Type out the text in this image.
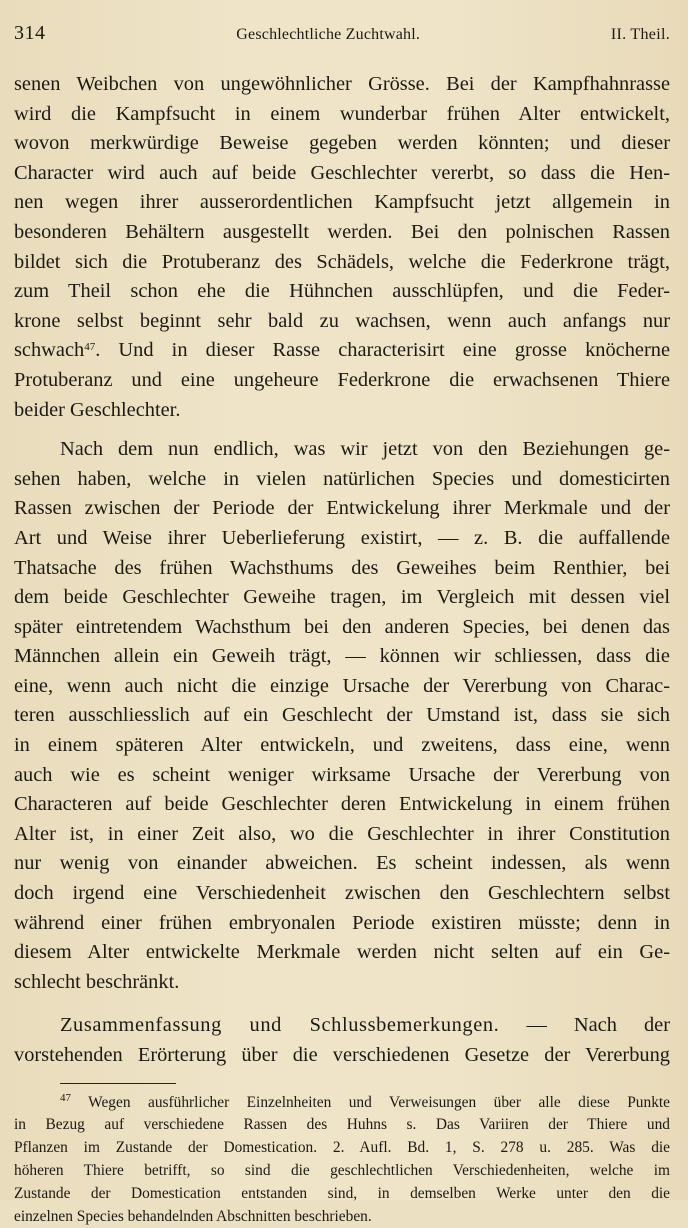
314	Geschlechtliche Zuchtwahl.	II. Theil.
senen Weibchen von ungewöhnlicher Grösse. Bei der Kampfhahnrasse
wird die Kampfsucht in einem wunderbar frühen Alter entwickelt,
wovon merkwürdige Beweise gegeben werden könnten; und dieser
Character wird auch auf beide Geschlechter vererbt, so dass die Hen-
nen wegen ihrer ausserordentlichen Kampfsucht jetzt allgemein in
besonderen Behältern ausgestellt werden. Bei den polnischen Rassen
bildet sich die Protuberanz des Schädels, welche die Federkrone trägt,
zum Theil schon ehe die Hühnchen ausschlüpfen, und die Feder-
krone selbst beginnt sehr bald zu wachsen, wenn auch anfangs nur
schwach$^{47}$. Und in dieser Rasse characterisirt eine grosse knöcherne
Protuberanz und eine ungeheure Federkrone die erwachsenen Thiere
beider Geschlechter.
Nach dem nun endlich, was wir jetzt von den Beziehungen ge-
sehen haben, welche in vielen natürlichen Species und domesticirten
Rassen zwischen der Periode der Entwickelung ihrer Merkmale und der
Art und Weise ihrer Ueberlieferung existirt, — z. B. die auffallende
Thatsache des frühen Wachsthums des Geweihes beim Renthier, bei
dem beide Geschlechter Geweihe tragen, im Vergleich mit dessen viel
später eintretendem Wachsthum bei den anderen Species, bei denen das
Männchen allein ein Geweih trägt, — können wir schliessen, dass die
eine, wenn auch nicht die einzige Ursache der Vererbung von Charac-
teren ausschliesslich auf ein Geschlecht der Umstand ist, dass sie sich
in einem späteren Alter entwickeln, und zweitens, dass eine, wenn
auch wie es scheint weniger wirksame Ursache der Vererbung von
Characteren auf beide Geschlechter deren Entwickelung in einem frühen
Alter ist, in einer Zeit also, wo die Geschlechter in ihrer Constitution
nur wenig von einander abweichen. Es scheint indessen, als wenn
doch irgend eine Verschiedenheit zwischen den Geschlechtern selbst
während einer frühen embryonalen Periode existiren müsste; denn in
diesem Alter entwickelte Merkmale werden nicht selten auf ein Ge-
schlecht beschränkt.
Zusammenfassung und Schlussbemerkungen. — Nach der
vorstehenden Erörterung über die verschiedenen Gesetze der Vererbung
$^{47}$ Wegen ausführlicher Einzelnheiten und Verweisungen über alle diese Punkte
in Bezug auf verschiedene Rassen des Huhns s. Das Variiren der Thiere und
Pflanzen im Zustande der Domestication. 2. Aufl. Bd. 1, S. 278 u. 285. Was die
höheren Thiere betrifft, so sind die geschlechtlichen Verschiedenheiten, welche im
Zustande der Domestication entstanden sind, in demselben Werke unter den die
einzelnen Species behandelnden Abschnitten beschrieben.
